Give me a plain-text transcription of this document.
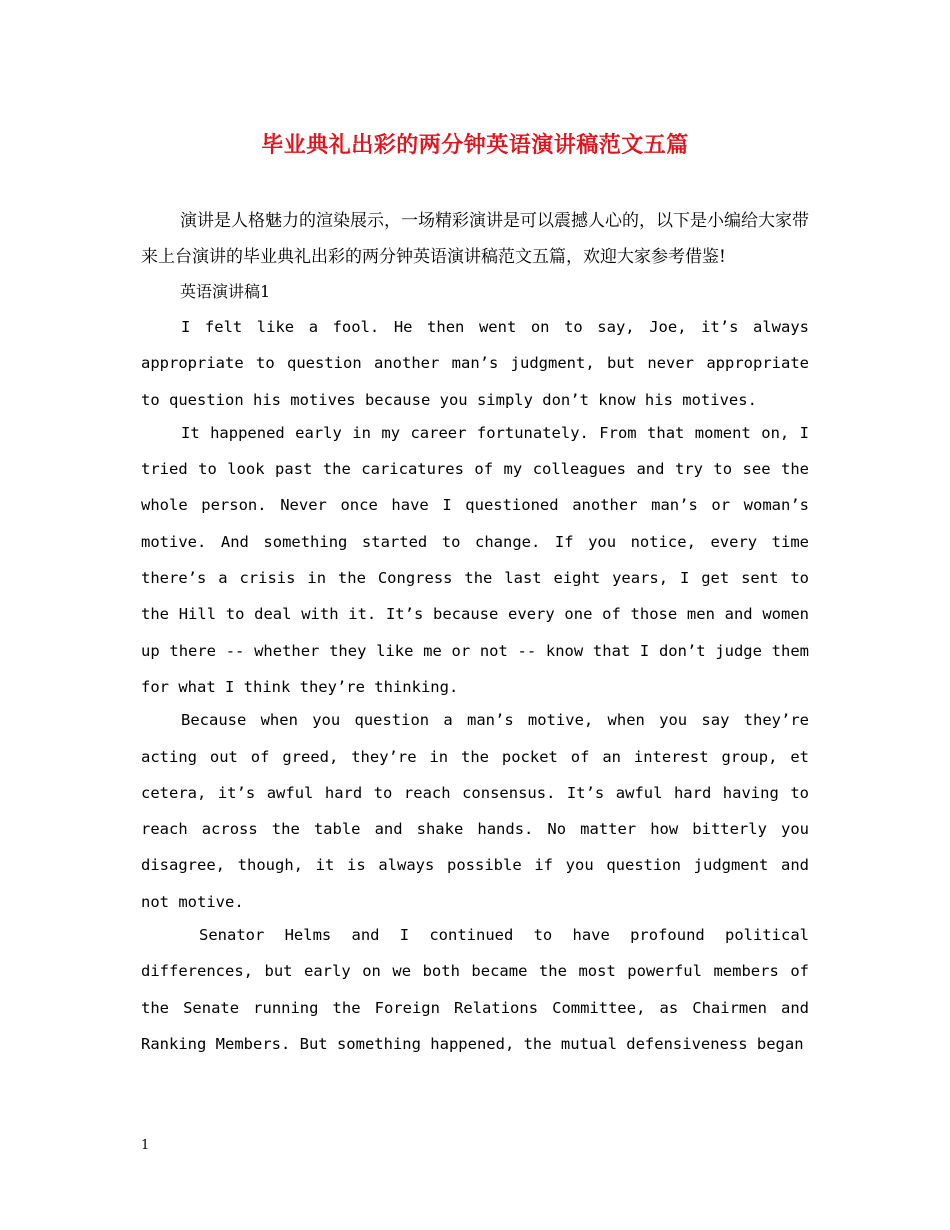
毕业典礼出彩的两分钟英语演讲稿范文五篇

演讲是人格魅力的渲染展示，一场精彩演讲是可以震撼人心的，以下是小编给大家带来上台演讲的毕业典礼出彩的两分钟英语演讲稿范文五篇，欢迎大家参考借鉴!

英语演讲稿1

I felt like a fool. He then went on to say, Joe, it’s always appropriate to question another man’s judgment, but never appropriate to question his motives because you simply don’t know his motives.

It happened early in my career fortunately. From that moment on, I tried to look past the caricatures of my colleagues and try to see the whole person. Never once have I questioned another man’s or woman’s motive. And something started to change. If you notice, every time there’s a crisis in the Congress the last eight years, I get sent to the Hill to deal with it. It’s because every one of those men and women up there -- whether they like me or not -- know that I don’t judge them for what I think they’re thinking.

Because when you question a man’s motive, when you say they’re acting out of greed, they’re in the pocket of an interest group, et cetera, it’s awful hard to reach consensus. It’s awful hard having to reach across the table and shake hands. No matter how bitterly you disagree, though, it is always possible if you question judgment and not motive.

Senator Helms and I continued to have profound political differences, but early on we both became the most powerful members of the Senate running the Foreign Relations Committee, as Chairmen and Ranking Members. But something happened, the mutual defensiveness began

1
